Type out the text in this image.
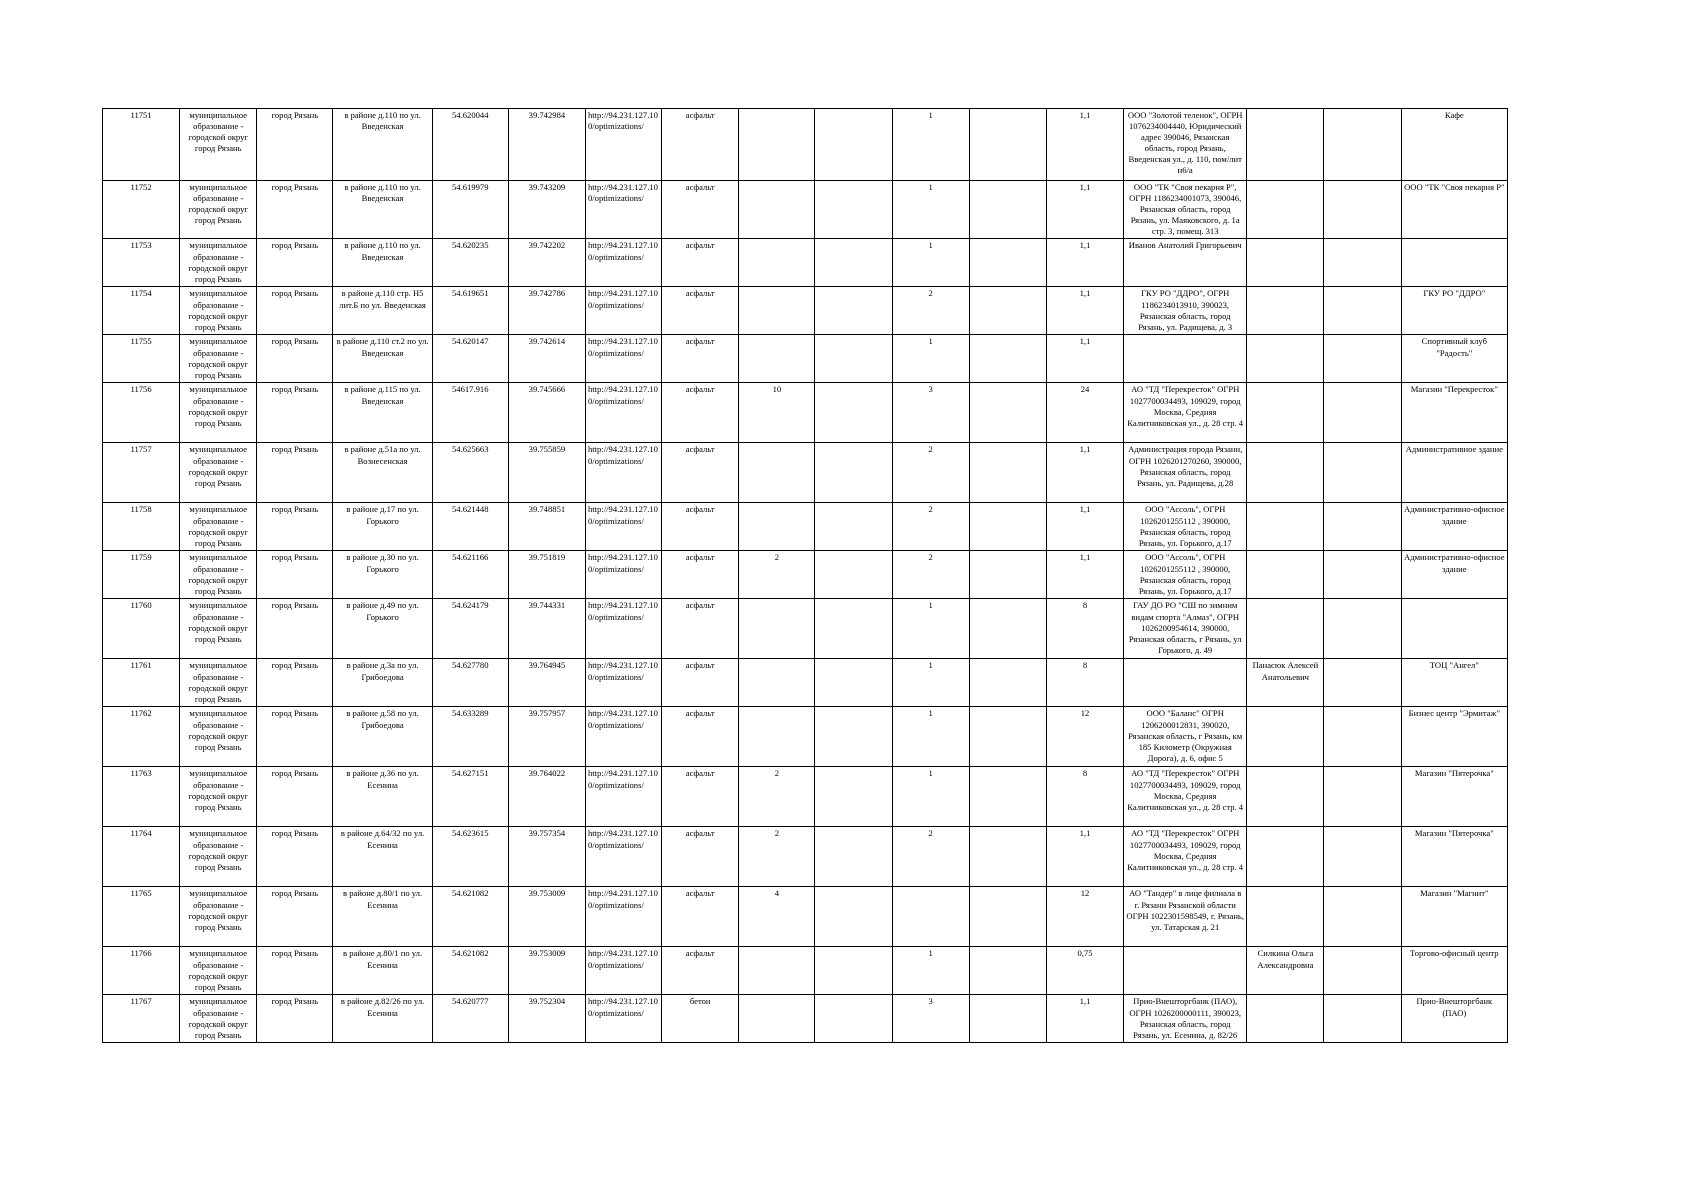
11751	муниципальное образование - городской округ город Рязань	город Рязань	в районе д.110 по ул. Введенская	54.620044	39.742984	http://94.231.127.100/optimizations/	асфальт			1		1,1	ООО "Золотой теленок", ОГРН 1076234004440, Юридический адрес 390046, Рязанская область, город Рязань, Введенская ул., д. 110, пом/лит н6/а			Кафе
11752	муниципальное образование - городской округ город Рязань	город Рязань	в районе д.110 по ул. Введенская	54.619979	39.743209	http://94.231.127.100/optimizations/	асфальт			1		1,1	ООО "ТК "Своя пекарня Р", ОГРН 1186234001073, 390046, Рязанская область, город Рязань, ул. Маяковского, д. 1а стр. 3, помещ. 313			ООО "ТК "Своя пекарня Р"
11753	муниципальное образование - городской округ город Рязань	город Рязань	в районе д.110 по ул. Введенская	54.620235	39.742202	http://94.231.127.100/optimizations/	асфальт			1		1,1	Иванов Анатолий Григорьевич			
11754	муниципальное образование - городской округ город Рязань	город Рязань	в районе д.110 стр. Н5 лит.Б по ул. Введенская	54.619651	39.742786	http://94.231.127.100/optimizations/	асфальт			2		1,1	ГКУ РО "ДДРО", ОГРН 1186234013910, 390023, Рязанская область, город Рязань, ул. Радищева, д. 3			ГКУ РО "ДДРО"
11755	муниципальное образование - городской округ город Рязань	город Рязань	в районе д.110 ст.2 по ул. Введенская	54.620147	39.742614	http://94.231.127.100/optimizations/	асфальт			1		1,1				Спортивный клуб "Радость"
11756	муниципальное образование - городской округ город Рязань	город Рязань	в районе д.115 по ул. Введенская	54617.916	39.745666	http://94.231.127.100/optimizations/	асфальт	10		3		24	АО "ТД "Перекресток" ОГРН 1027700034493, 109029, город Москва, Средняя Калитниковская ул., д. 28 стр. 4			Магазин "Перекресток"
11757	муниципальное образование - городской округ город Рязань	город Рязань	в районе д.51а по ул. Вознесенская	54.625663	39.755859	http://94.231.127.100/optimizations/	асфальт			2		1,1	Администрация города Рязани, ОГРН 1026201270260, 390000, Рязанская область, город Рязань, ул. Радищева, д.28			Административное здание
11758	муниципальное образование - городской округ город Рязань	город Рязань	в районе д.17 по ул. Горького	54.621448	39.748851	http://94.231.127.100/optimizations/	асфальт			2		1,1	ООО "Ассоль", ОГРН 1026201255112 , 390000, Рязанская область, город Рязань, ул. Горького, д.17			Административно-офисное здание
11759	муниципальное образование - городской округ город Рязань	город Рязань	в районе д.30 по ул. Горького	54.621166	39.751819	http://94.231.127.100/optimizations/	асфальт	2		2		1,1	ООО "Ассоль", ОГРН 1026201255112 , 390000, Рязанская область, город Рязань, ул. Горького, д.17			Административно-офисное здание
11760	муниципальное образование - городской округ город Рязань	город Рязань	в районе д.49 по ул. Горького	54.624179	39.744331	http://94.231.127.100/optimizations/	асфальт			1		8	ГАУ ДО РО "СШ по зимним видам спорта "Алмаз", ОГРН 1026200954614, 390000, Рязанская область, г Рязань, ул Горького, д. 49			
11761	муниципальное образование - городской округ город Рязань	город Рязань	в районе д.3а по ул. Грибоедова	54.627780	39.764945	http://94.231.127.100/optimizations/	асфальт			1		8		Панасюк Алексей Анатольевич		ТОЦ "Ангел"
11762	муниципальное образование - городской округ город Рязань	город Рязань	в районе д.58 по ул. Грибоедова	54.633289	39.757957	http://94.231.127.100/optimizations/	асфальт			1		12	ООО "Баланс" ОГРН 1206200012831, 390020, Рязанская область, г Рязань, км 185 Километр (Окружная Дорога), д. 6, офис 5			Бизнес центр "Эрмитаж"
11763	муниципальное образование - городской округ город Рязань	город Рязань	в районе д.36 по ул. Есенина	54.627151	39.764022	http://94.231.127.100/optimizations/	асфальт	2		1		8	АО "ТД "Перекресток" ОГРН 1027700034493, 109029, город Москва, Средняя Калитниковская ул., д. 28 стр. 4			Магазин "Пятерочка"
11764	муниципальное образование - городской округ город Рязань	город Рязань	в районе д.64/32 по ул. Есенина	54.623615	39.757354	http://94.231.127.100/optimizations/	асфальт	2		2		1,1	АО "ТД "Перекресток" ОГРН 1027700034493, 109029, город Москва, Средняя Калитниковская ул., д. 28 стр. 4			Магазин "Пятерочка"
11765	муниципальное образование - городской округ город Рязань	город Рязань	в районе д.80/1 по ул. Есенина	54.621082	39.753009	http://94.231.127.100/optimizations/	асфальт	4				12	АО "Тандер" в лице филиала в г. Рязани Рязанской области ОГРН 1022301598549, г. Рязань, ул. Татарская д. 21			Магазин "Магнит"
11766	муниципальное образование - городской округ город Рязань	город Рязань	в районе д.80/1 по ул. Есенина	54.621082	39.753009	http://94.231.127.100/optimizations/	асфальт			1		0,75		Силкина Ольга Александровна		Торгово-офисный центр
11767	муниципальное образование - городской округ город Рязань	город Рязань	в районе д.82/26 по ул. Есенина	54.620777	39.752304	http://94.231.127.100/optimizations/	бетон			3		1,1	Прио-Внешторгбанк (ПАО), ОГРН 1026200000111, 390023, Рязанская область, город Рязань, ул. Есенина, д. 82/26			Прио-Внешторгбанк (ПАО)
